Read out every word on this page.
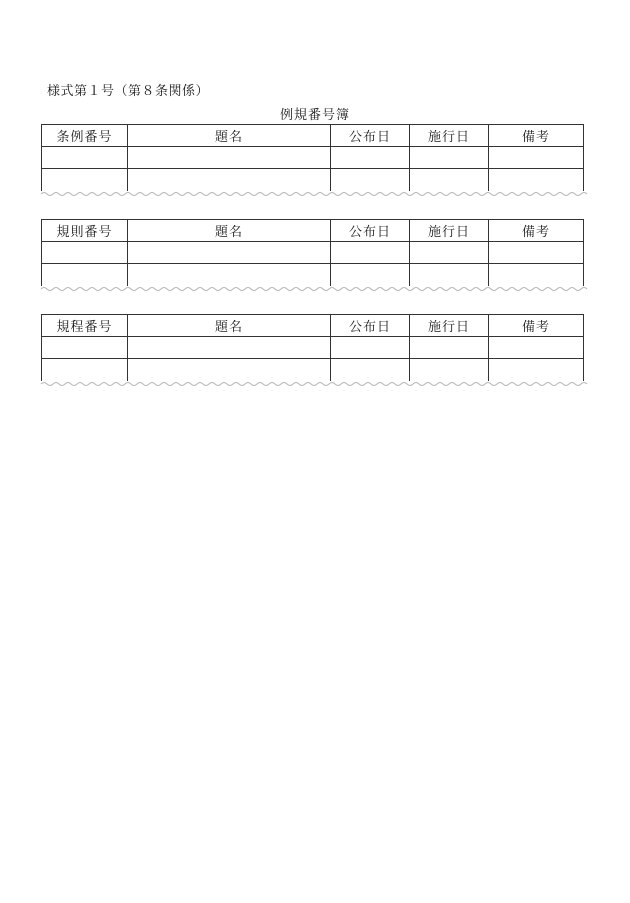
様式第１号（第８条関係）
例規番号簿
条例番号	題名	公布日	施行日	備考

規則番号	題名	公布日	施行日	備考

規程番号	題名	公布日	施行日	備考
